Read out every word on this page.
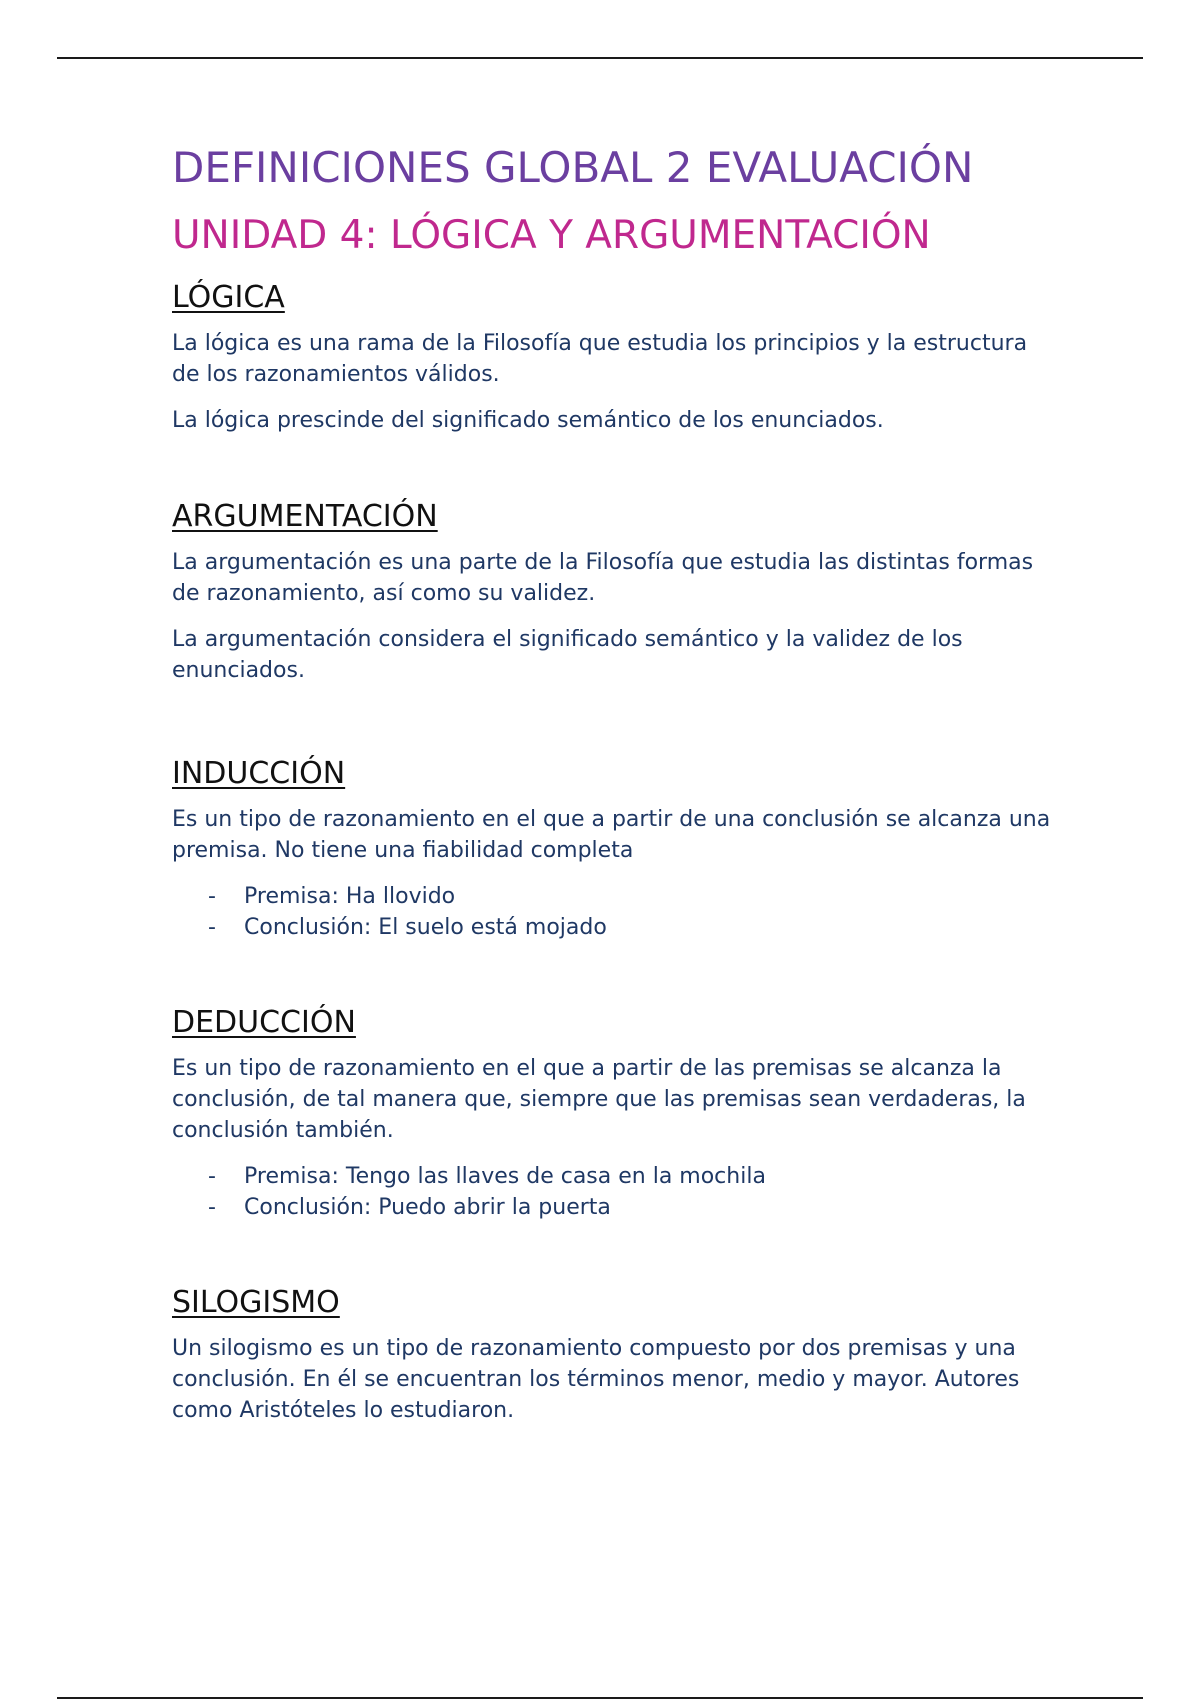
DEFINICIONES GLOBAL 2 EVALUACIÓN
UNIDAD 4: LÓGICA Y ARGUMENTACIÓN
LÓGICA

La lógica es una rama de la Filosofía que estudia los principios y la estructura de los razonamientos válidos.

La lógica prescinde del significado semántico de los enunciados.

ARGUMENTACIÓN

La argumentación es una parte de la Filosofía que estudia las distintas formas de razonamiento, así como su validez.

La argumentación considera el significado semántico y la validez de los enunciados.

INDUCCIÓN

Es un tipo de razonamiento en el que a partir de una conclusión se alcanza una premisa. No tiene una fiabilidad completa

- Premisa: Ha llovido
- Conclusión: El suelo está mojado
DEDUCCIÓN

Es un tipo de razonamiento en el que a partir de las premisas se alcanza la conclusión, de tal manera que, siempre que las premisas sean verdaderas, la conclusión también.

- Premisa: Tengo las llaves de casa en la mochila
- Conclusión: Puedo abrir la puerta
SILOGISMO

Un silogismo es un tipo de razonamiento compuesto por dos premisas y una conclusión. En él se encuentran los términos menor, medio y mayor. Autores como Aristóteles lo estudiaron.
